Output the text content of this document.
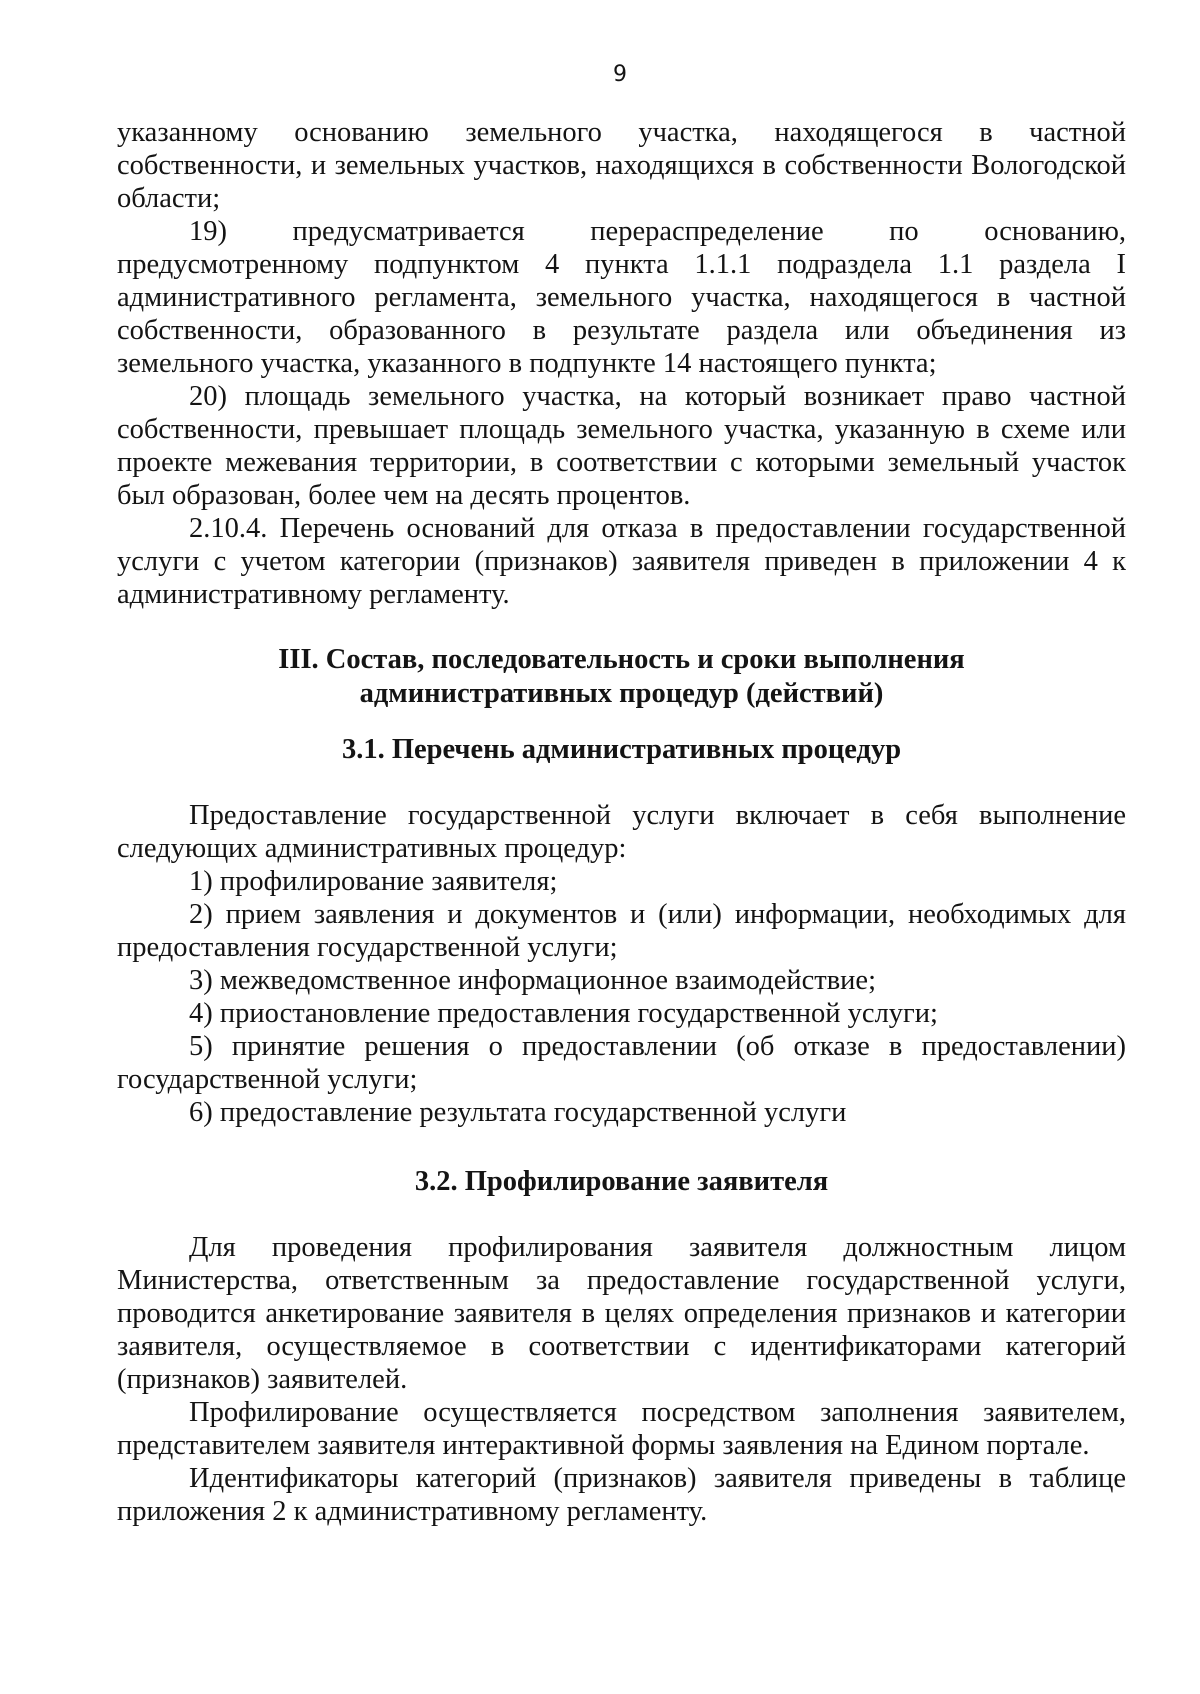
9

указанному основанию земельного участка, находящегося в частной собственности, и земельных участков, находящихся в собственности Вологодской области;

19) предусматривается перераспределение по основанию, предусмотренному подпунктом 4 пункта 1.1.1 подраздела 1.1 раздела I административного регламента, земельного участка, находящегося в частной собственности, образованного в результате раздела или объединения из земельного участка, указанного в подпункте 14 настоящего пункта;

20) площадь земельного участка, на который возникает право частной собственности, превышает площадь земельного участка, указанную в схеме или проекте межевания территории, в соответствии с которыми земельный участок был образован, более чем на десять процентов.

2.10.4. Перечень оснований для отказа в предоставлении государственной услуги с учетом категории (признаков) заявителя приведен в приложении 4 к административному регламенту.

III. Состав, последовательность и сроки выполнения
административных процедур (действий)
3.1. Перечень административных процедур

Предоставление государственной услуги включает в себя выполнение следующих административных процедур:

1) профилирование заявителя;

2) прием заявления и документов и (или) информации, необходимых для предоставления государственной услуги;

3) межведомственное информационное взаимодействие;

4) приостановление предоставления государственной услуги;

5) принятие решения о предоставлении (об отказе в предоставлении) государственной услуги;

6) предоставление результата государственной услуги

3.2. Профилирование заявителя

Для проведения профилирования заявителя должностным лицом Министерства, ответственным за предоставление государственной услуги, проводится анкетирование заявителя в целях определения признаков и категории заявителя, осуществляемое в соответствии с идентификаторами категорий (признаков) заявителей.

Профилирование осуществляется посредством заполнения заявителем, представителем заявителя интерактивной формы заявления на Едином портале.

Идентификаторы категорий (признаков) заявителя приведены в таблице приложения 2 к административному регламенту.
